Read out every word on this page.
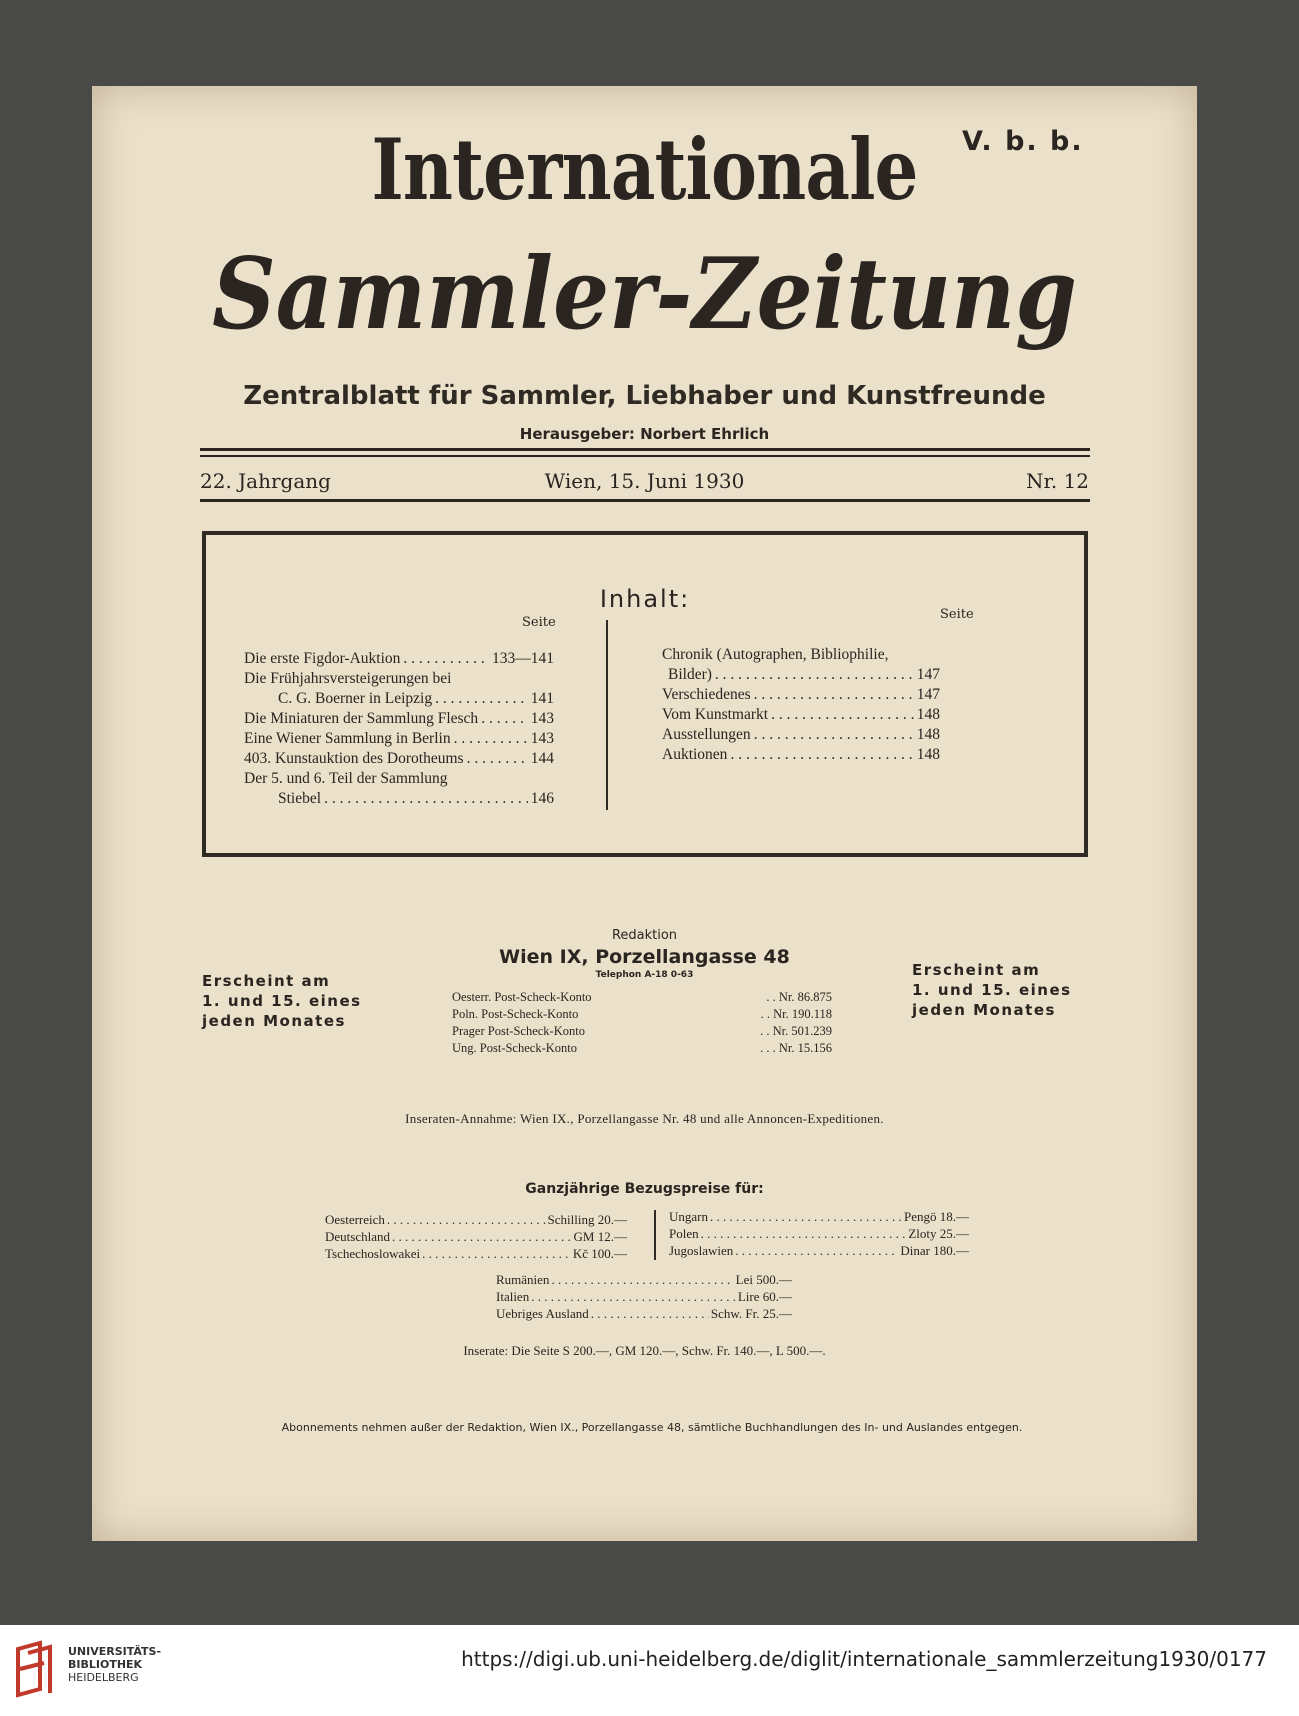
V. b. b.
Internationale
Sammler-Zeitung
Zentralblatt für Sammler, Liebhaber und Kunstfreunde
Herausgeber: Norbert Ehrlich
22. Jahrgang	Wien, 15. Juni 1930	Nr. 12
Inhalt:
Seite
Seite
Die erste Figdor-Auktion . . .	133—141
Die Frühjahrsversteigerungen bei
C. G. Boerner in Leipzig . . .	141
Die Miniaturen der Sammlung Flesch . . .	143
Eine Wiener Sammlung in Berlin . . .	143
403. Kunstauktion des Dorotheums . . .	144
Der 5. und 6. Teil der Sammlung
Stiebel . . .	146
Chronik (Autographen, Bibliophilie,
Bilder) . . .	147
Verschiedenes . . .	147
Vom Kunstmarkt . . .	148
Ausstellungen . . .	148
Auktionen . . .	148
Erscheint am
1. und 15. eines
jeden Monates
Erscheint am
1. und 15. eines
jeden Monates
Redaktion
Wien IX, Porzellangasse 48
Telephon A-18 0-63
Oesterr. Post-Scheck-Konto	. . Nr. 86.875
Poln. Post-Scheck-Konto	. . Nr. 190.118
Prager Post-Scheck-Konto	. . Nr. 501.239
Ung. Post-Scheck-Konto	. . . Nr. 15.156
Inseraten-Annahme: Wien IX., Porzellangasse Nr. 48 und alle Annoncen-Expeditionen.
Ganzjährige Bezugspreise für:
Oesterreich . . .	Schilling 20.—
Deutschland . . .	GM 12.—
Tschechoslowakei . . .	Kč 100.—
Ungarn . . .	Pengö 18.—
Polen . . .	Zloty 25.—
Jugoslawien . . .	Dinar 180.—
Rumänien . . .	Lei 500.—
Italien . . .	Lire 60.—
Uebriges Ausland . . .	Schw. Fr. 25.—
Inserate: Die Seite S 200.—, GM 120.—, Schw. Fr. 140.—, L 500.—.
Abonnements nehmen außer der Redaktion, Wien IX., Porzellangasse 48, sämtliche Buchhandlungen des In- und Auslandes entgegen.
UNIVERSITÄTS-
BIBLIOTHEK
HEIDELBERG
https://digi.ub.uni-heidelberg.de/diglit/internationale_sammlerzeitung1930/0177
